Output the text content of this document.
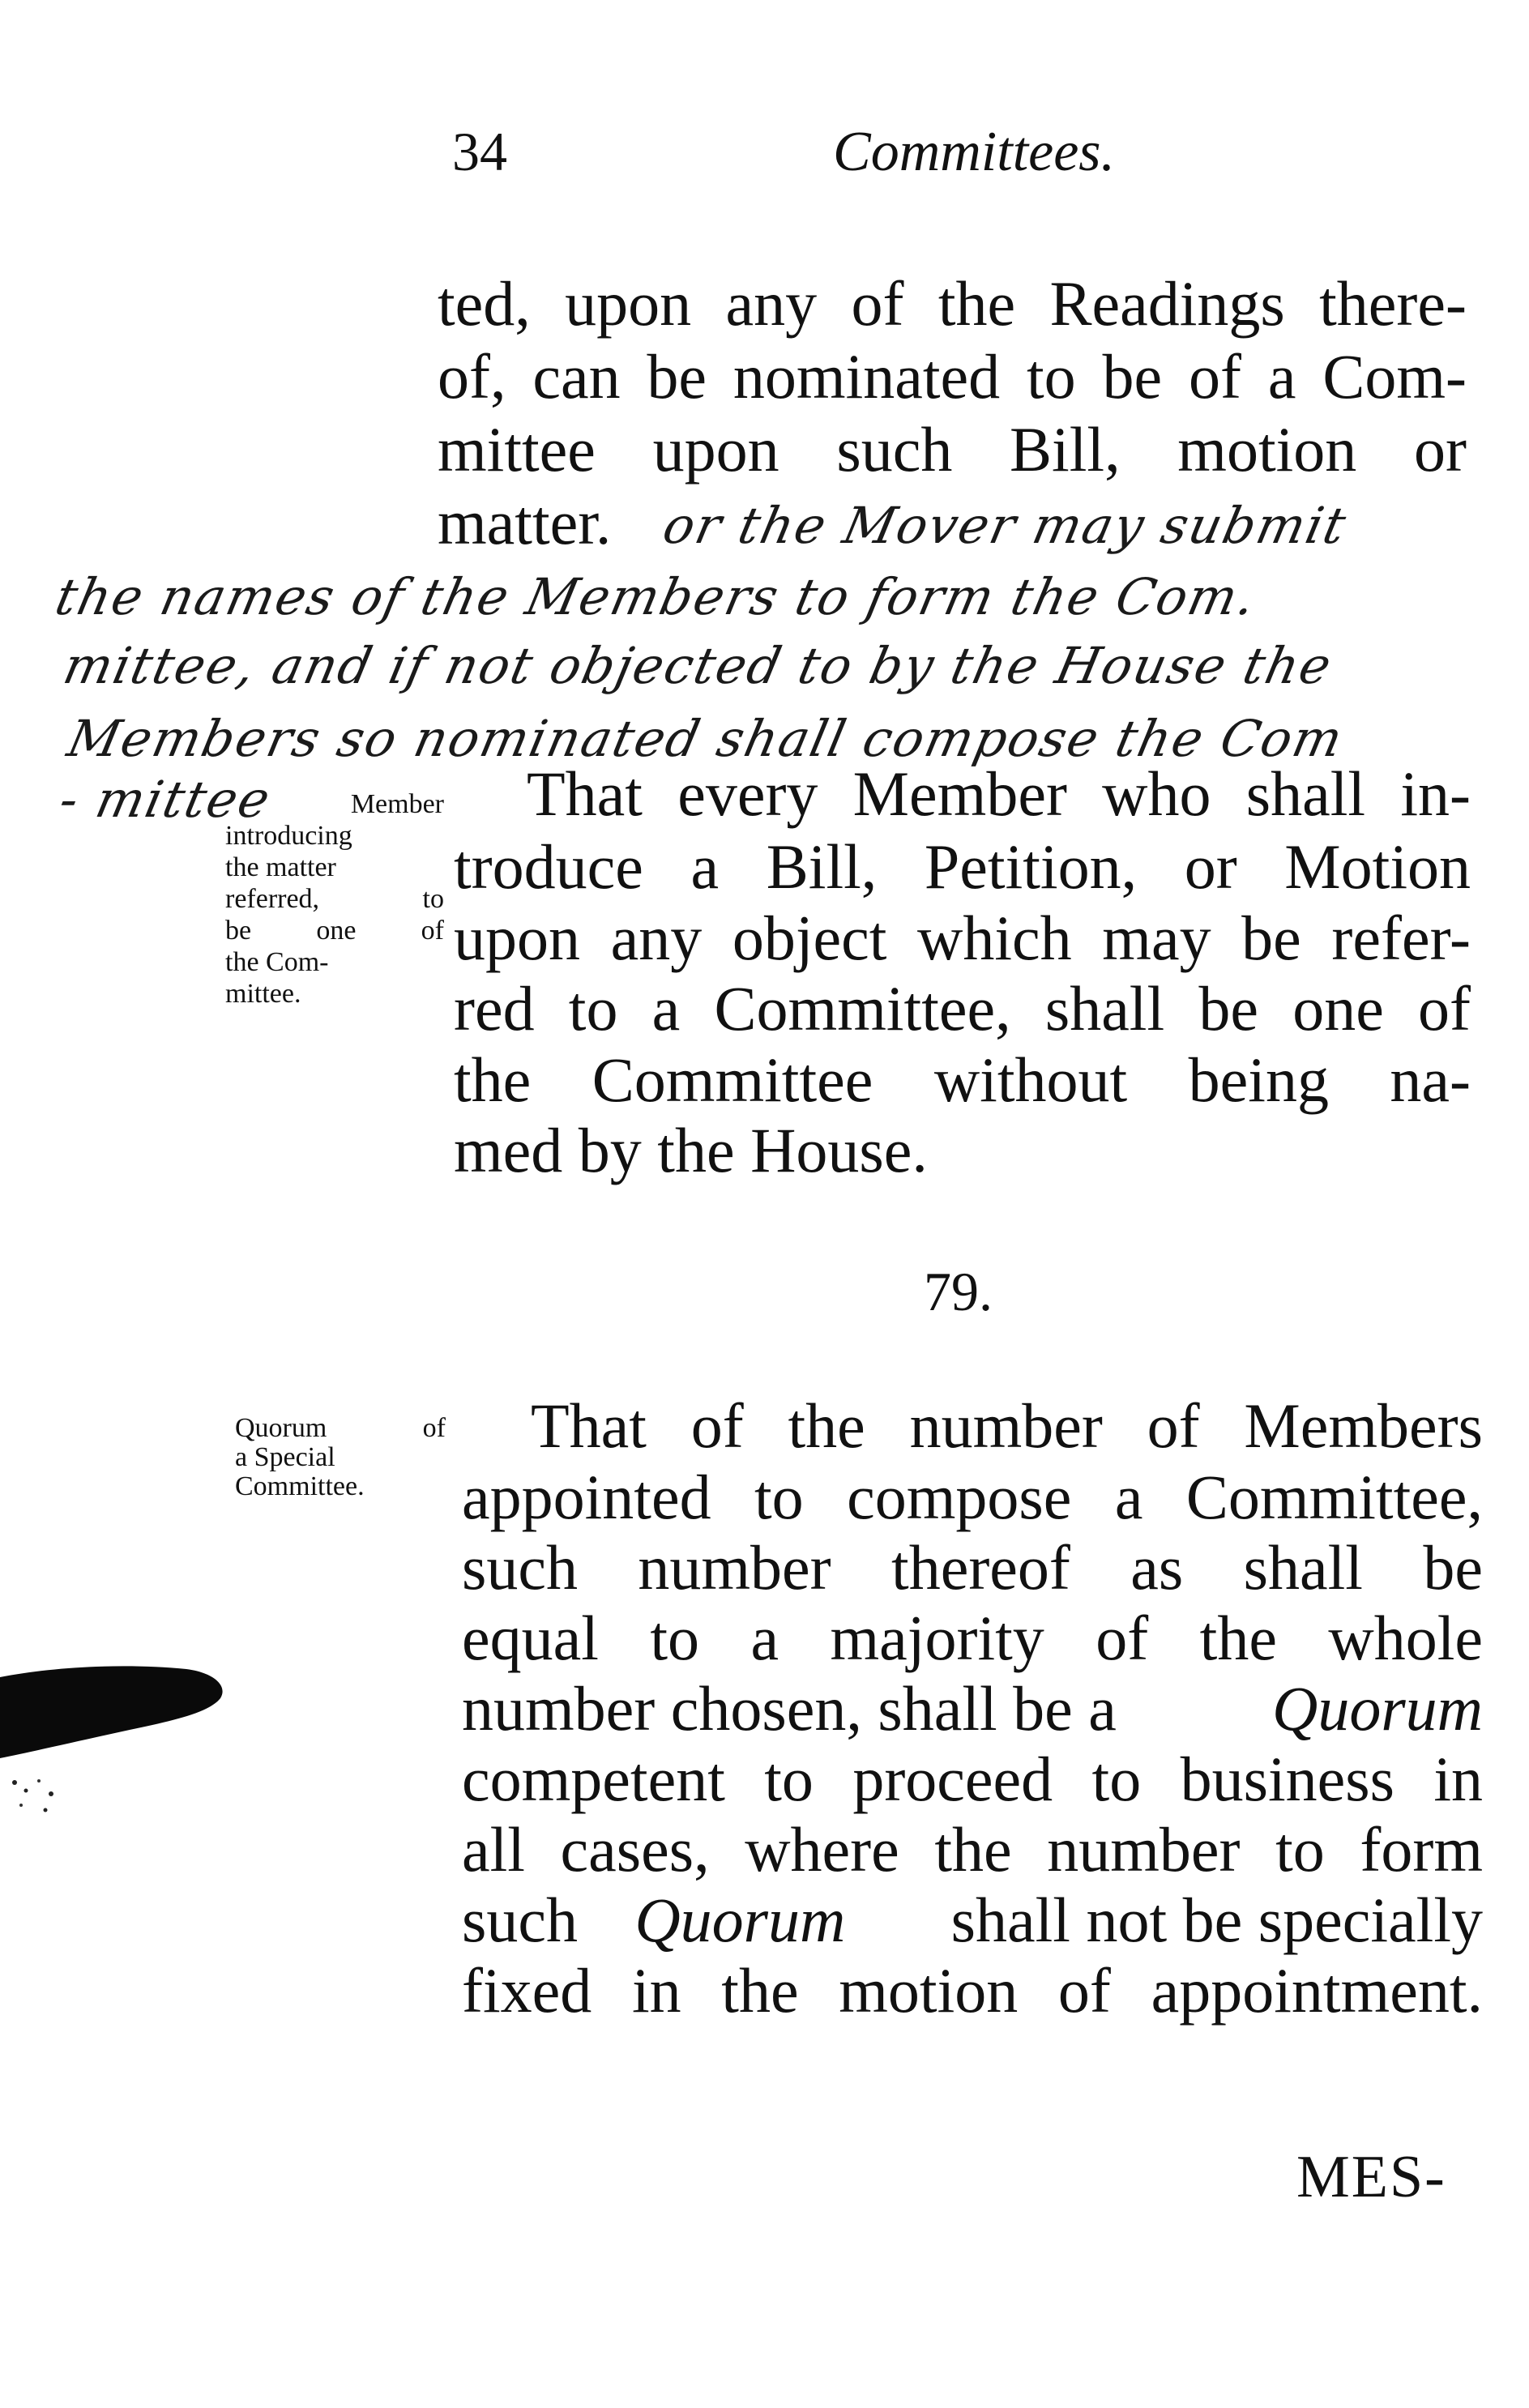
34	Committees.
ted, upon any of the Readings there-
of, can be nominated to be of a Com-
mittee upon such Bill, motion or
matter. or the Mover may submit
the names of the Members to form the Com.
mittee, and if not objected to by the House the
Members so nominated shall compose the Com
- mittee	Member
introducing
the matter
referred, to
be one of
the Com-
mittee.
That every Member who shall in-
troduce a Bill, Petition, or Motion
upon any object which may be refer-
red to a Committee, shall be one of
the Committee without being na-
med by the House.
79.
Quorum of
a Special
Committee.
That of the number of Members
appointed to compose a Committee,
such number thereof as shall be
equal to a majority of the whole
number chosen, shall be a Quorum
competent to proceed to business in
all cases, where the number to form
such Quorum shall not be specially
fixed in the motion of appointment.
MES-
